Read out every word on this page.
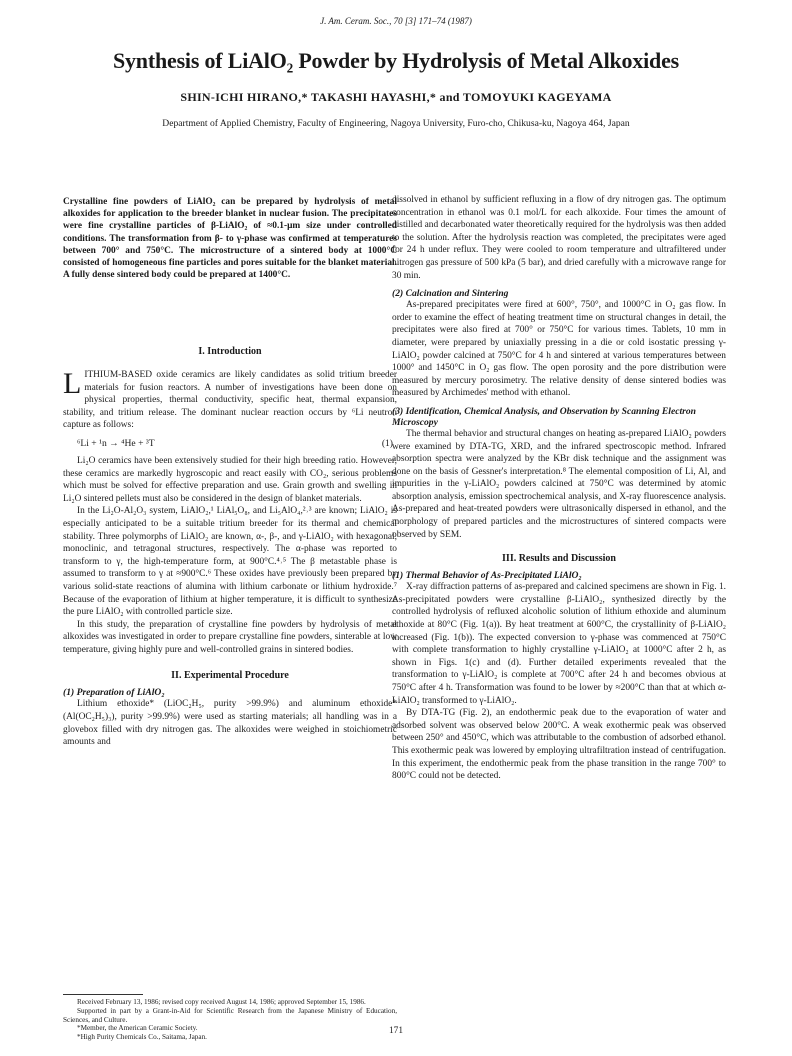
J. Am. Ceram. Soc., 70 [3] 171–74 (1987)
Synthesis of LiAlO₂ Powder by Hydrolysis of Metal Alkoxides
SHIN-ICHI HIRANO,* TAKASHI HAYASHI,* and TOMOYUKI KAGEYAMA
Department of Applied Chemistry, Faculty of Engineering, Nagoya University, Furo-cho, Chikusa-ku, Nagoya 464, Japan

Crystalline fine powders of LiAlO₂ can be prepared by hydrolysis of metal alkoxides for application to the breeder blanket in nuclear fusion. The precipitates were fine crystalline particles of β-LiAlO₂ of ≈0.1-μm size under controlled conditions. The transformation from β- to γ-phase was confirmed at temperatures between 700° and 750°C. The microstructure of a sintered body at 1000°C consisted of homogeneous fine particles and pores suitable for the blanket material. A fully dense sintered body could be prepared at 1400°C.

I. Introduction

LITHIUM-BASED oxide ceramics are likely candidates as solid tritium breeder materials for fusion reactors. A number of investigations have been done on physical properties, thermal conductivity, specific heat, thermal expansion, stability, and tritium release. The dominant nuclear reaction occurs by ⁶Li neutron capture as follows:

⁶Li + ¹n → ⁴He + ³T	(1)

Li₂O ceramics have been extensively studied for their high breeding ratio. However, these ceramics are markedly hygroscopic and react easily with CO₂, serious problems which must be solved for effective preparation and use. Grain growth and swelling in Li₂O sintered pellets must also be considered in the design of blanket materials.

In the Li₂O-Al₂O₃ system, LiAlO₂,¹ LiAl₅O₈, and Li₅AlO₄,²˒³ are known; LiAlO₂ is especially anticipated to be a suitable tritium breeder for its thermal and chemical stability. Three polymorphs of LiAlO₂ are known, α-, β-, and γ-LiAlO₂ with hexagonal, monoclinic, and tetragonal structures, respectively. The α-phase was reported to transform to γ, the high-temperature form, at 900°C.⁴˒⁵ The β metastable phase is assumed to transform to γ at ≈900°C.⁶ These oxides have previously been prepared by various solid-state reactions of alumina with lithium carbonate or lithium hydroxide.⁷ Because of the evaporation of lithium at higher temperature, it is difficult to synthesize the pure LiAlO₂ with controlled particle size.

In this study, the preparation of crystalline fine powders by hydrolysis of metal alkoxides was investigated in order to prepare crystalline fine powders, sinterable at low temperature, giving highly pure and well-controlled grains in sintered bodies.

II. Experimental Procedure
(1) Preparation of LiAlO₂

Lithium ethoxide* (LiOC₂H₅, purity >99.9%) and aluminum ethoxide* (Al(OC₂H₅)₃), purity >99.9%) were used as starting materials; all handling was in a glovebox filled with dry nitrogen gas. The alkoxides were weighed in stoichiometric amounts and

Received February 13, 1986; revised copy received August 14, 1986; approved September 15, 1986.

Supported in part by a Grant-in-Aid for Scientific Research from the Japanese Ministry of Education, Sciences, and Culture.

*Member, the American Ceramic Society.

*High Purity Chemicals Co., Saitama, Japan.

dissolved in ethanol by sufficient refluxing in a flow of dry nitrogen gas. The optimum concentration in ethanol was 0.1 mol/L for each alkoxide. Four times the amount of distilled and decarbonated water theoretically required for the hydrolysis was then added to the solution. After the hydrolysis reaction was completed, the precipitates were aged for 24 h under reflux. They were cooled to room temperature and ultrafiltered under nitrogen gas pressure of 500 kPa (5 bar), and dried carefully with a microwave range for 30 min.

(2) Calcination and Sintering

As-prepared precipitates were fired at 600°, 750°, and 1000°C in O₂ gas flow. In order to examine the effect of heating treatment time on structural changes in detail, the precipitates were also fired at 700° or 750°C for various times. Tablets, 10 mm in diameter, were prepared by uniaxially pressing in a die or cold isostatic pressing γ-LiAlO₂ powder calcined at 750°C for 4 h and sintered at various temperatures between 1000° and 1450°C in O₂ gas flow. The open porosity and the pore distribution were measured by mercury porosimetry. The relative density of dense sintered bodies was measured by Archimedes' method with ethanol.

(3) Identification, Chemical Analysis, and Observation by Scanning Electron Microscopy

The thermal behavior and structural changes on heating as-prepared LiAlO₂ powders were examined by DTA-TG, XRD, and the infrared spectroscopic method. Infrared absorption spectra were analyzed by the KBr disk technique and the assignment was done on the basis of Gessner's interpretation.⁸ The elemental composition of Li, Al, and impurities in the γ-LiAlO₂ powders calcined at 750°C was determined by atomic absorption analysis, emission spectrochemical analysis, and X-ray fluorescence analysis. As-prepared and heat-treated powders were ultrasonically dispersed in ethanol, and the morphology of prepared particles and the microstructures of sintered compacts were observed by SEM.

III. Results and Discussion
(1) Thermal Behavior of As-Precipitated LiAlO₂

X-ray diffraction patterns of as-prepared and calcined specimens are shown in Fig. 1. As-precipitated powders were crystalline β-LiAlO₂, synthesized directly by the controlled hydrolysis of refluxed alcoholic solution of lithium ethoxide and aluminum ethoxide at 80°C (Fig. 1(a)). By heat treatment at 600°C, the crystallinity of β-LiAlO₂ increased (Fig. 1(b)). The expected conversion to γ-phase was commenced at 750°C with complete transformation to highly crystalline γ-LiAlO₂ at 1000°C after 2 h, as shown in Figs. 1(c) and (d). Further detailed experiments revealed that the transformation to γ-LiAlO₂ is complete at 700°C after 24 h and becomes obvious at 750°C after 4 h. Transformation was found to be lower by ≈200°C than that at which α-LiAlO₂ transformed to γ-LiAlO₂.

By DTA-TG (Fig. 2), an endothermic peak due to the evaporation of water and adsorbed solvent was observed below 200°C. A weak exothermic peak was observed between 250° and 450°C, which was attributable to the combustion of adsorbed ethanol. This exothermic peak was lowered by employing ultrafiltration instead of centrifugation. In this experiment, the endothermic peak from the phase transition in the range 700° to 800°C could not be detected.

171
